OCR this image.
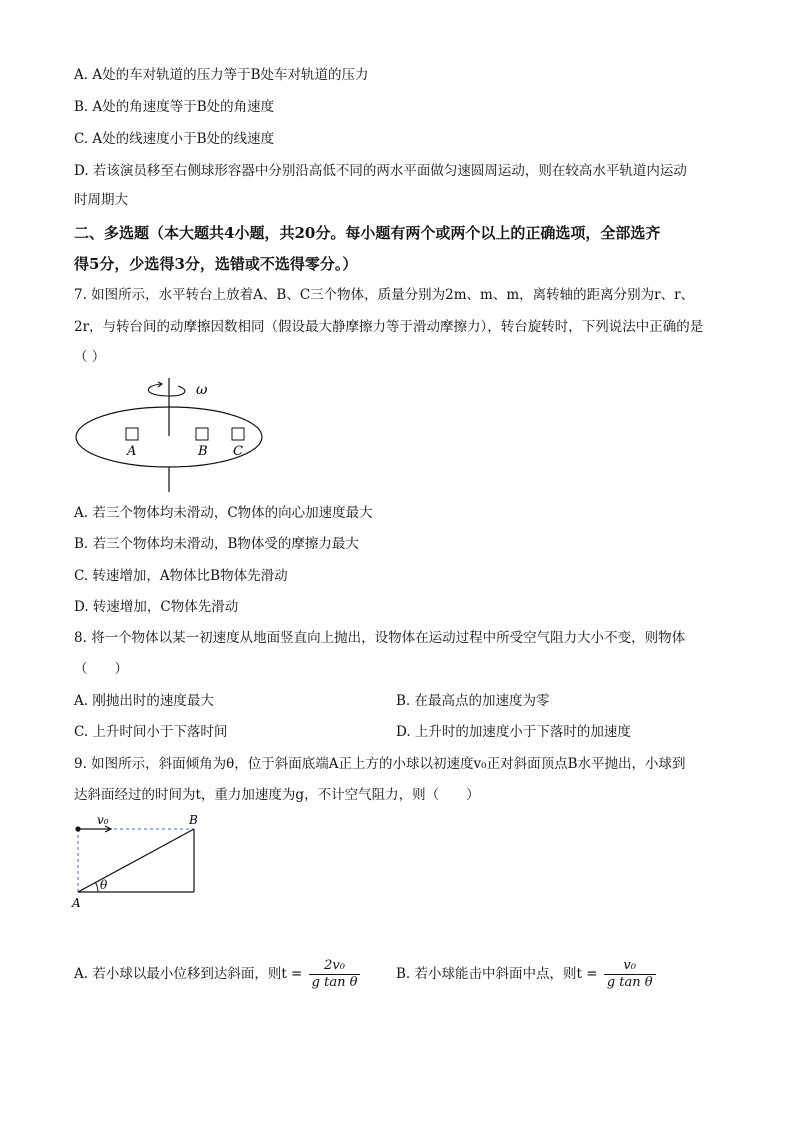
A. A处的车对轨道的压力等于B处车对轨道的压力
B. A处的角速度等于B处的角速度
C. A处的线速度小于B处的线速度
D. 若该演员移至右侧球形容器中分别沿高低不同的两水平面做匀速圆周运动，则在较高水平轨道内运动
时周期大
二、多选题（本大题共4小题，共20分。每小题有两个或两个以上的正确选项，全部选齐
得5分，少选得3分，选错或不选得零分。）
7. 如图所示，水平转台上放着A、B、C三个物体，质量分别为2m、m、m，离转轴的距离分别为r、r、
2r，与转台间的动摩擦因数相同（假设最大静摩擦力等于滑动摩擦力），转台旋转时，下列说法中正确的是
（ ）
ω
A	B C
A. 若三个物体均未滑动，C物体的向心加速度最大
B. 若三个物体均未滑动，B物体受的摩擦力最大
C. 转速增加，A物体比B物体先滑动
D. 转速增加，C物体先滑动
8. 将一个物体以某一初速度从地面竖直向上抛出，设物体在运动过程中所受空气阻力大小不变，则物体
（　　）
A. 刚抛出时的速度最大	B. 在最高点的加速度为零
C. 上升时间小于下落时间	D. 上升时的加速度小于下落时的加速度
9. 如图所示，斜面倾角为θ，位于斜面底端A正上方的小球以初速度v₀正对斜面顶点B水平抛出，小球到
达斜面经过的时间为t，重力加速度为g，不计空气阻力，则（　　）
v₀
θ
B
A
A. 若小球以最小位移到达斜面，则$t = \frac{\text{2v₀}}{\text{g tan θ}}$	B. 若小球能击中斜面中点，则$t = \frac{\text{v₀}}{\text{g tan θ}}$
